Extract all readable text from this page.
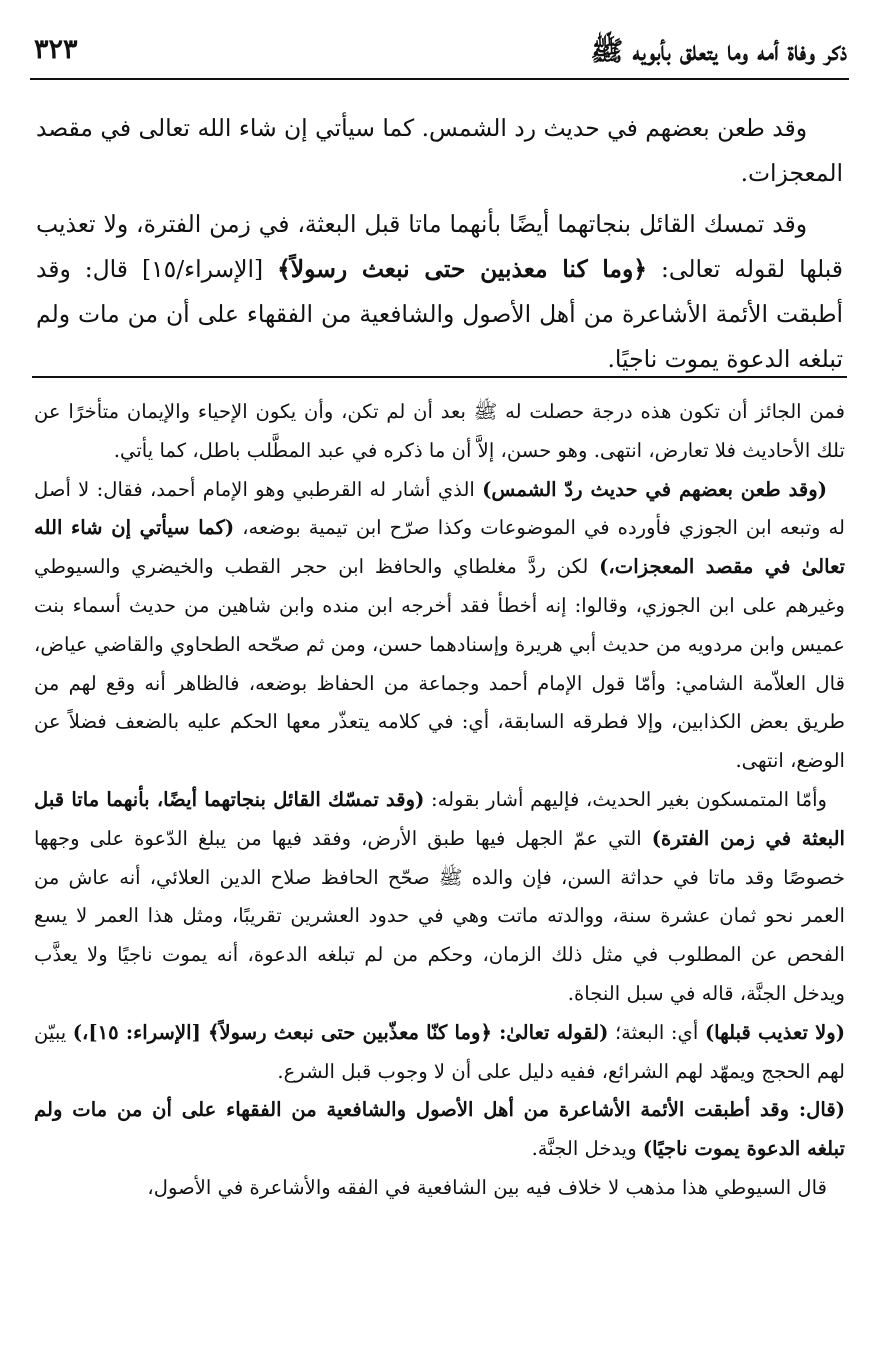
ذكر وفاة أمه وما يتعلق بأبويه ﷺ
٣٢٣

وقد طعن بعضهم في حديث رد الشمس. كما سيأتي إن شاء الله تعالى في مقصد المعجزات.

وقد تمسك القائل بنجاتهما أيضًا بأنهما ماتا قبل البعثة، في زمن الفترة، ولا تعذيب قبلها لقوله تعالى: ﴿وما كنا معذبين حتى نبعث رسولاً﴾ [الإسراء/١٥] قال: وقد أطبقت الأئمة الأشاعرة من أهل الأصول والشافعية من الفقهاء على أن من مات ولم تبلغه الدعوة يموت ناجيًا.

فمن الجائز أن تكون هذه درجة حصلت له ﷺ بعد أن لم تكن، وأن يكون الإحياء والإيمان متأخرًا عن تلك الأحاديث فلا تعارض، انتهى. وهو حسن، إلاَّ أن ما ذكره في عبد المطَّلب باطل، كما يأتي.

(وقد طعن بعضهم في حديث ردّ الشمس) الذي أشار له القرطبي وهو الإمام أحمد، فقال: لا أصل له وتبعه ابن الجوزي فأورده في الموضوعات وكذا صرّح ابن تيمية بوضعه، (كما سيأتي إن شاء الله تعالىٰ في مقصد المعجزات،) لكن ردَّ مغلطاي والحافظ ابن حجر القطب والخيضري والسيوطي وغيرهم على ابن الجوزي، وقالوا: إنه أخطأ فقد أخرجه ابن منده وابن شاهين من حديث أسماء بنت عميس وابن مردويه من حديث أبي هريرة وإسنادهما حسن، ومن ثم صحّحه الطحاوي والقاضي عياض، قال العلاّمة الشامي: وأمّا قول الإمام أحمد وجماعة من الحفاظ بوضعه، فالظاهر أنه وقع لهم من طريق بعض الكذابين، وإلا فطرقه السابقة، أي: في كلامه يتعذّر معها الحكم عليه بالضعف فضلاً عن الوضع، انتهى.

وأمّا المتمسكون بغير الحديث، فإليهم أشار بقوله: (وقد تمسّك القائل بنجاتهما أيضًا، بأنهما ماتا قبل البعثة في زمن الفترة) التي عمّ الجهل فيها طبق الأرض، وفقد فيها من يبلغ الدّعوة على وجهها خصوصًا وقد ماتا في حداثة السن، فإن والده ﷺ صحّح الحافظ صلاح الدين العلائي، أنه عاش من العمر نحو ثمان عشرة سنة، ووالدته ماتت وهي في حدود العشرين تقريبًا، ومثل هذا العمر لا يسع الفحص عن المطلوب في مثل ذلك الزمان، وحكم من لم تبلغه الدعوة، أنه يموت ناجيًا ولا يعذَّب ويدخل الجنَّة، قاله في سبل النجاة.

(ولا تعذيب قبلها) أي: البعثة؛ (لقوله تعالىٰ: ﴿وما كنّا معذّبين حتى نبعث رسولاً﴾ [الإسراء: ١٥]،) يبيّن لهم الحجج ويمهّد لهم الشرائع، ففيه دليل على أن لا وجوب قبل الشرع.

(قال: وقد أطبقت الأئمة الأشاعرة من أهل الأصول والشافعية من الفقهاء على أن من مات ولم تبلغه الدعوة يموت ناجيًا) ويدخل الجنَّة.

قال السيوطي هذا مذهب لا خلاف فيه بين الشافعية في الفقه والأشاعرة في الأصول،
